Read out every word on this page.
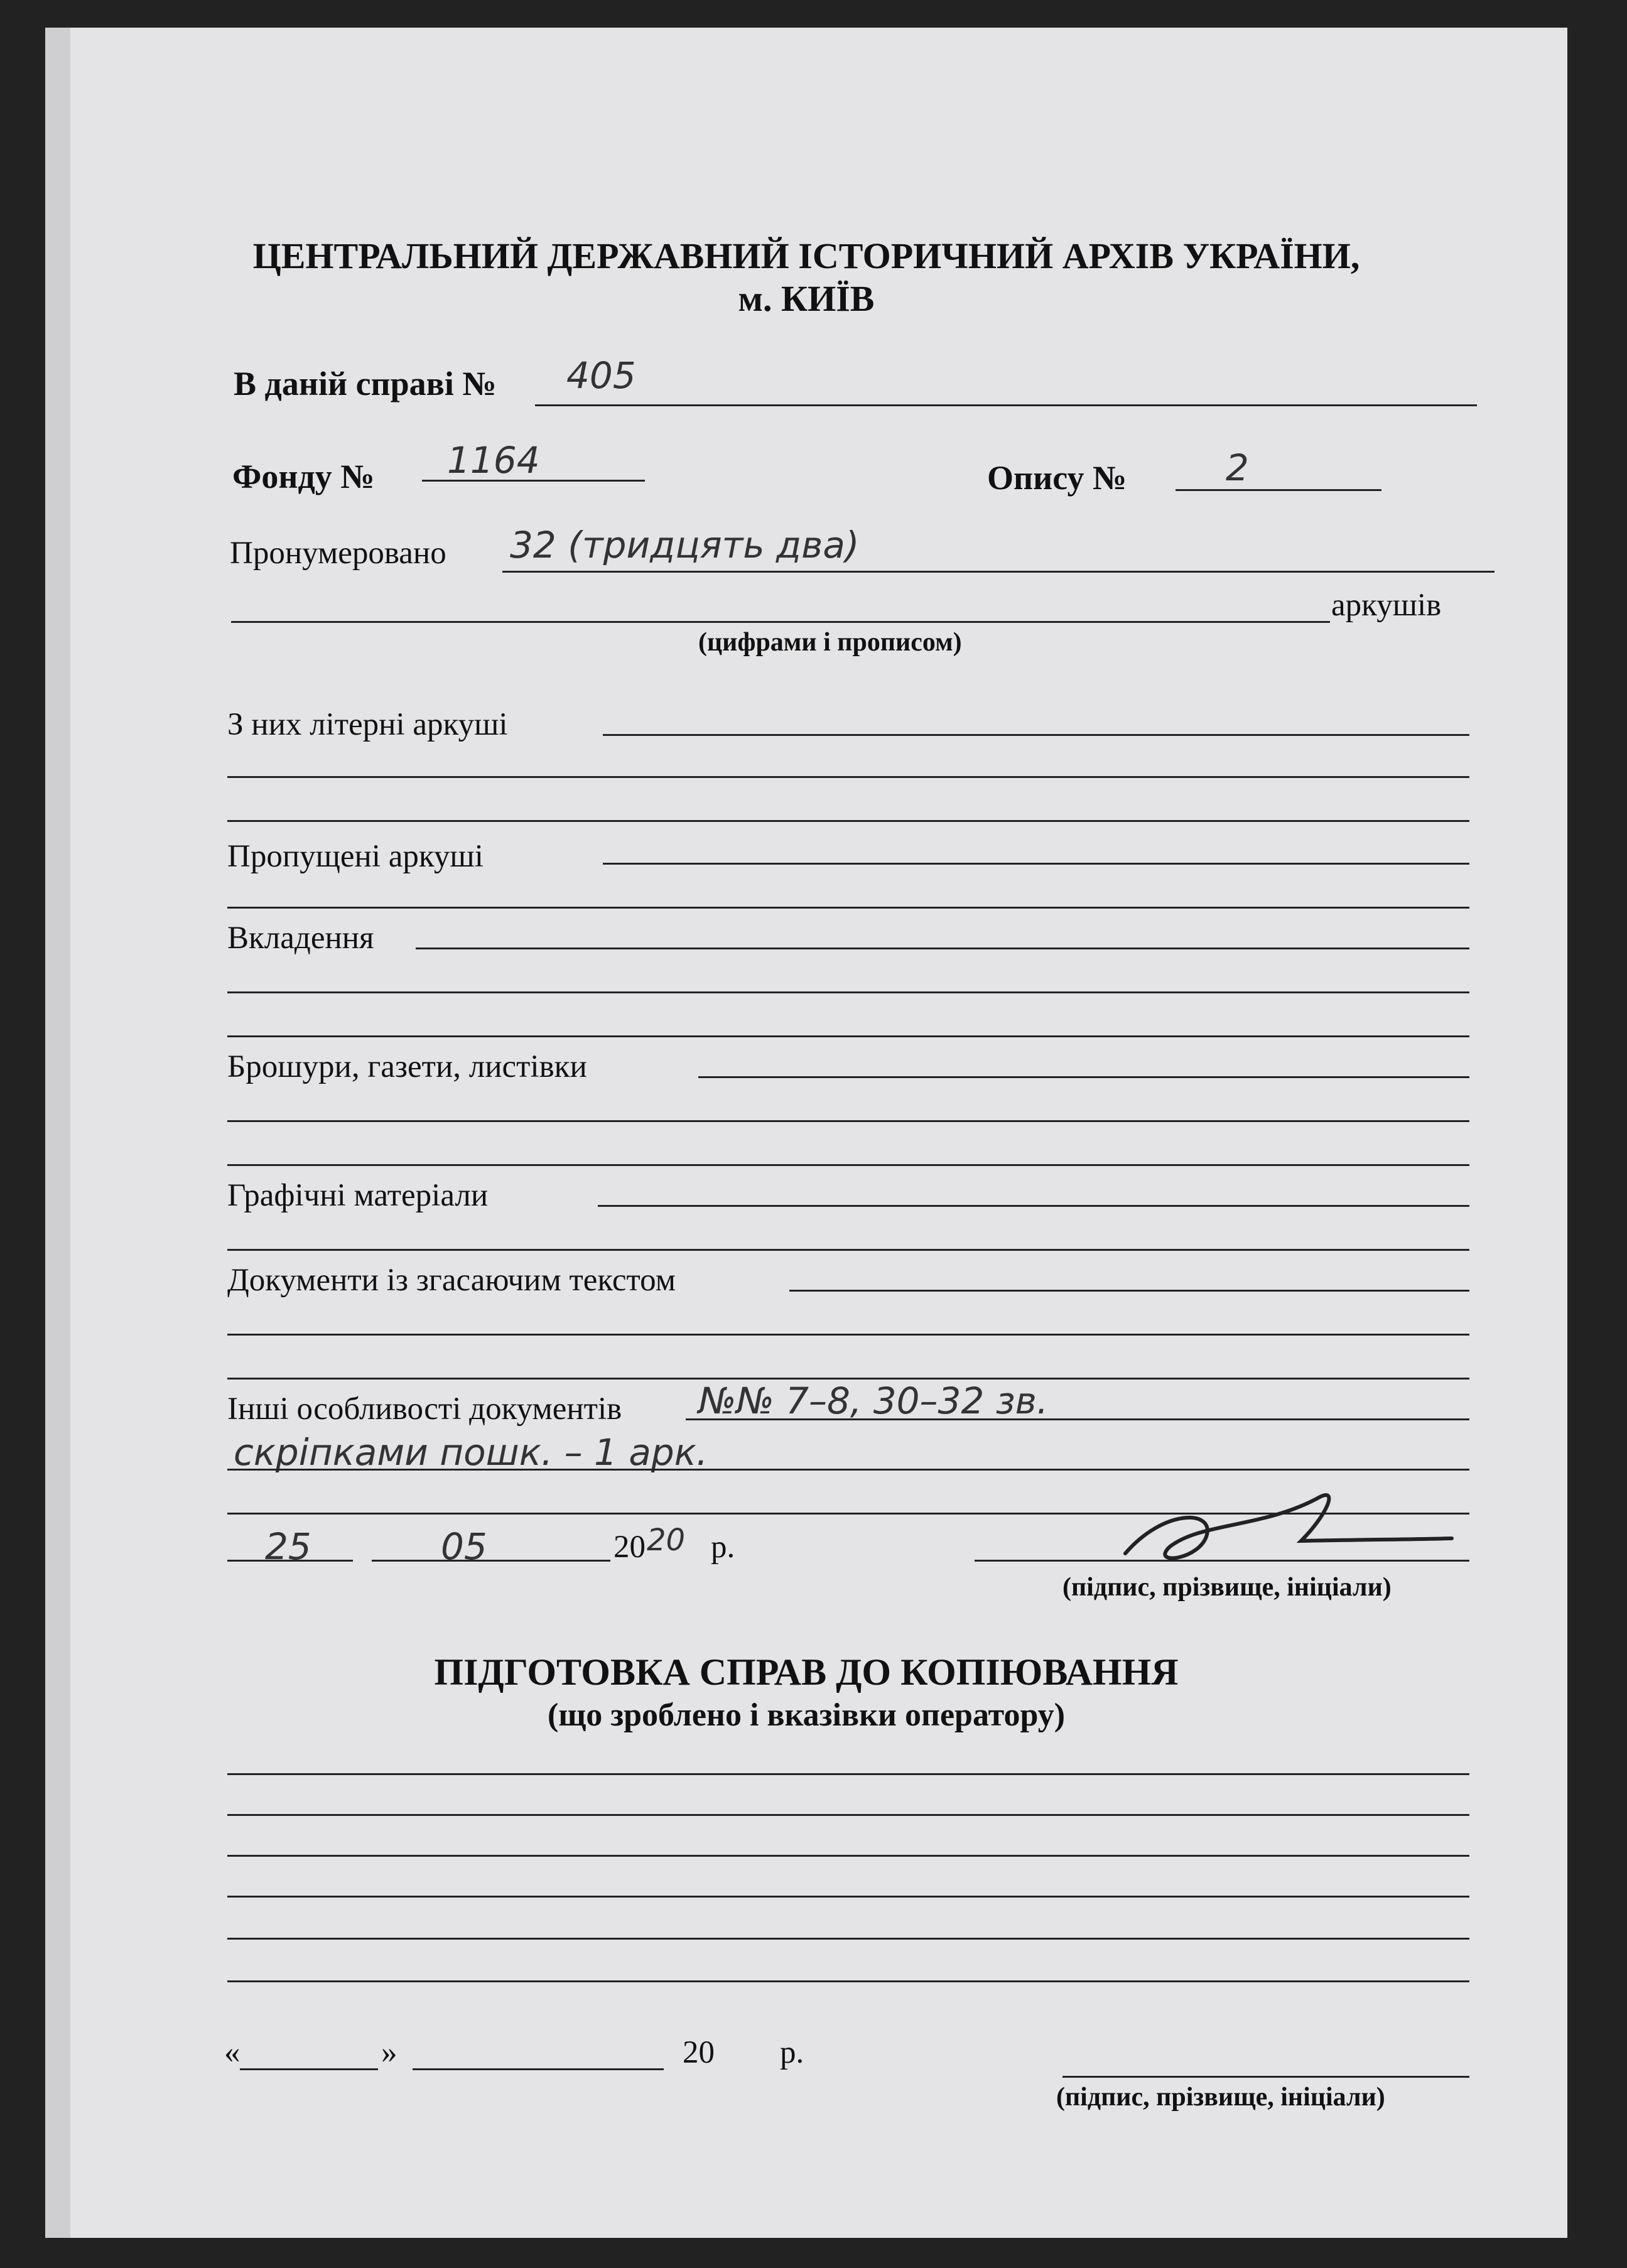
ЦЕНТРАЛЬНИЙ ДЕРЖАВНИЙ ІСТОРИЧНИЙ АРХІВ УКРАЇНИ,
м. КИЇВ
В даній справі № 405
Фонду № 1164	Опису №	2
Пронумеровано 32 (тридцять два)
аркушів
(цифрами і прописом)
З них літерні аркуші
Пропущені аркуші
Вкладення
Брошури, газети, листівки
Графічні матеріали
Документи із згасаючим текстом
Інші особливості документів №№ 7–8, 30–32 зв.
скріпками пошк. – 1 арк.
25	05	20 20 р.
(підпис, прізвище, ініціали)
ПІДГОТОВКА СПРАВ ДО КОПІЮВАННЯ
(що зроблено і вказівки оператору)
«	»	20 р.
(підпис, прізвище, ініціали)
